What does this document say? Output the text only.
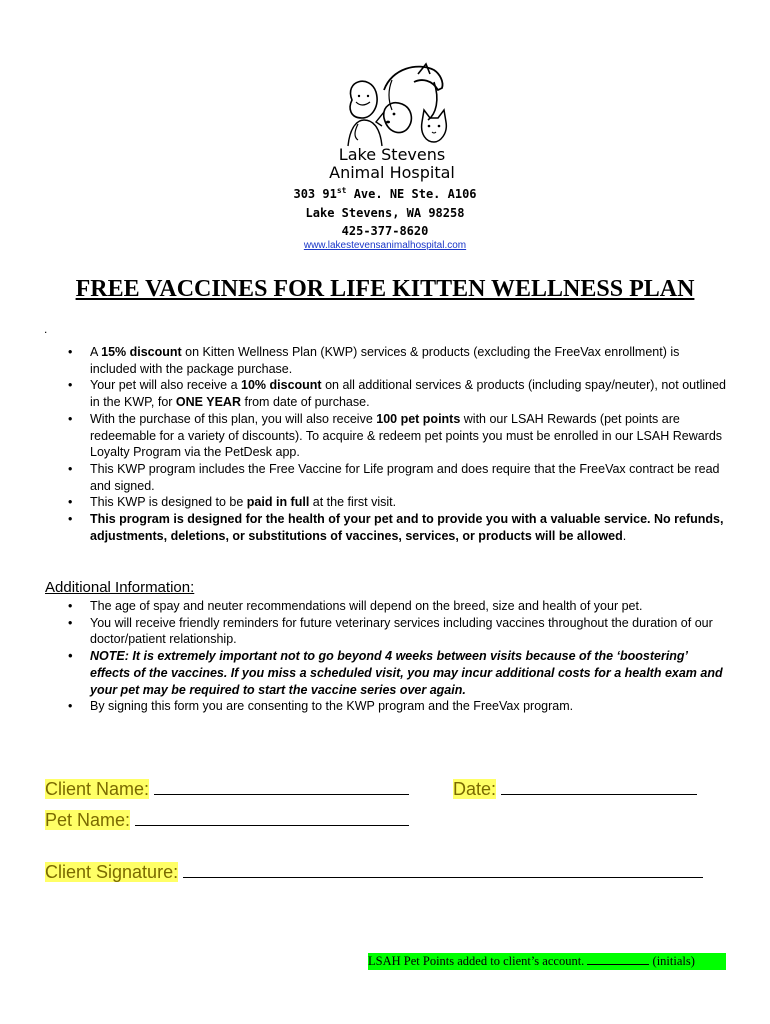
Lake Stevens
Animal Hospital
303 91st Ave. NE Ste. A106
Lake Stevens, WA 98258
425-377-8620
www.lakestevensanimalhospital.com
FREE VACCINES FOR LIFE KITTEN WELLNESS PLAN
.
• A 15% discount on Kitten Wellness Plan (KWP) services & products (excluding the FreeVax enrollment) is included with the package purchase.
• Your pet will also receive a 10% discount on all additional services & products (including spay/neuter), not outlined in the KWP, for ONE YEAR from date of purchase.
• With the purchase of this plan, you will also receive 100 pet points with our LSAH Rewards (pet points are redeemable for a variety of discounts). To acquire & redeem pet points you must be enrolled in our LSAH Rewards Loyalty Program via the PetDesk app.
• This KWP program includes the Free Vaccine for Life program and does require that the FreeVax contract be read and signed.
• This KWP is designed to be paid in full at the first visit.
• This program is designed for the health of your pet and to provide you with a valuable service. No refunds, adjustments, deletions, or substitutions of vaccines, services, or products will be allowed.
Additional Information:
• The age of spay and neuter recommendations will depend on the breed, size and health of your pet.
• You will receive friendly reminders for future veterinary services including vaccines throughout the duration of our doctor/patient relationship.
• NOTE: It is extremely important not to go beyond 4 weeks between visits because of the ‘boostering’ effects of the vaccines. If you miss a scheduled visit, you may incur additional costs for a health exam and your pet may be required to start the vaccine series over again.
• By signing this form you are consenting to the KWP program and the FreeVax program.
Client Name:	Date:
Pet Name:
Client Signature:
LSAH Pet Points added to client’s account.	(initials)
